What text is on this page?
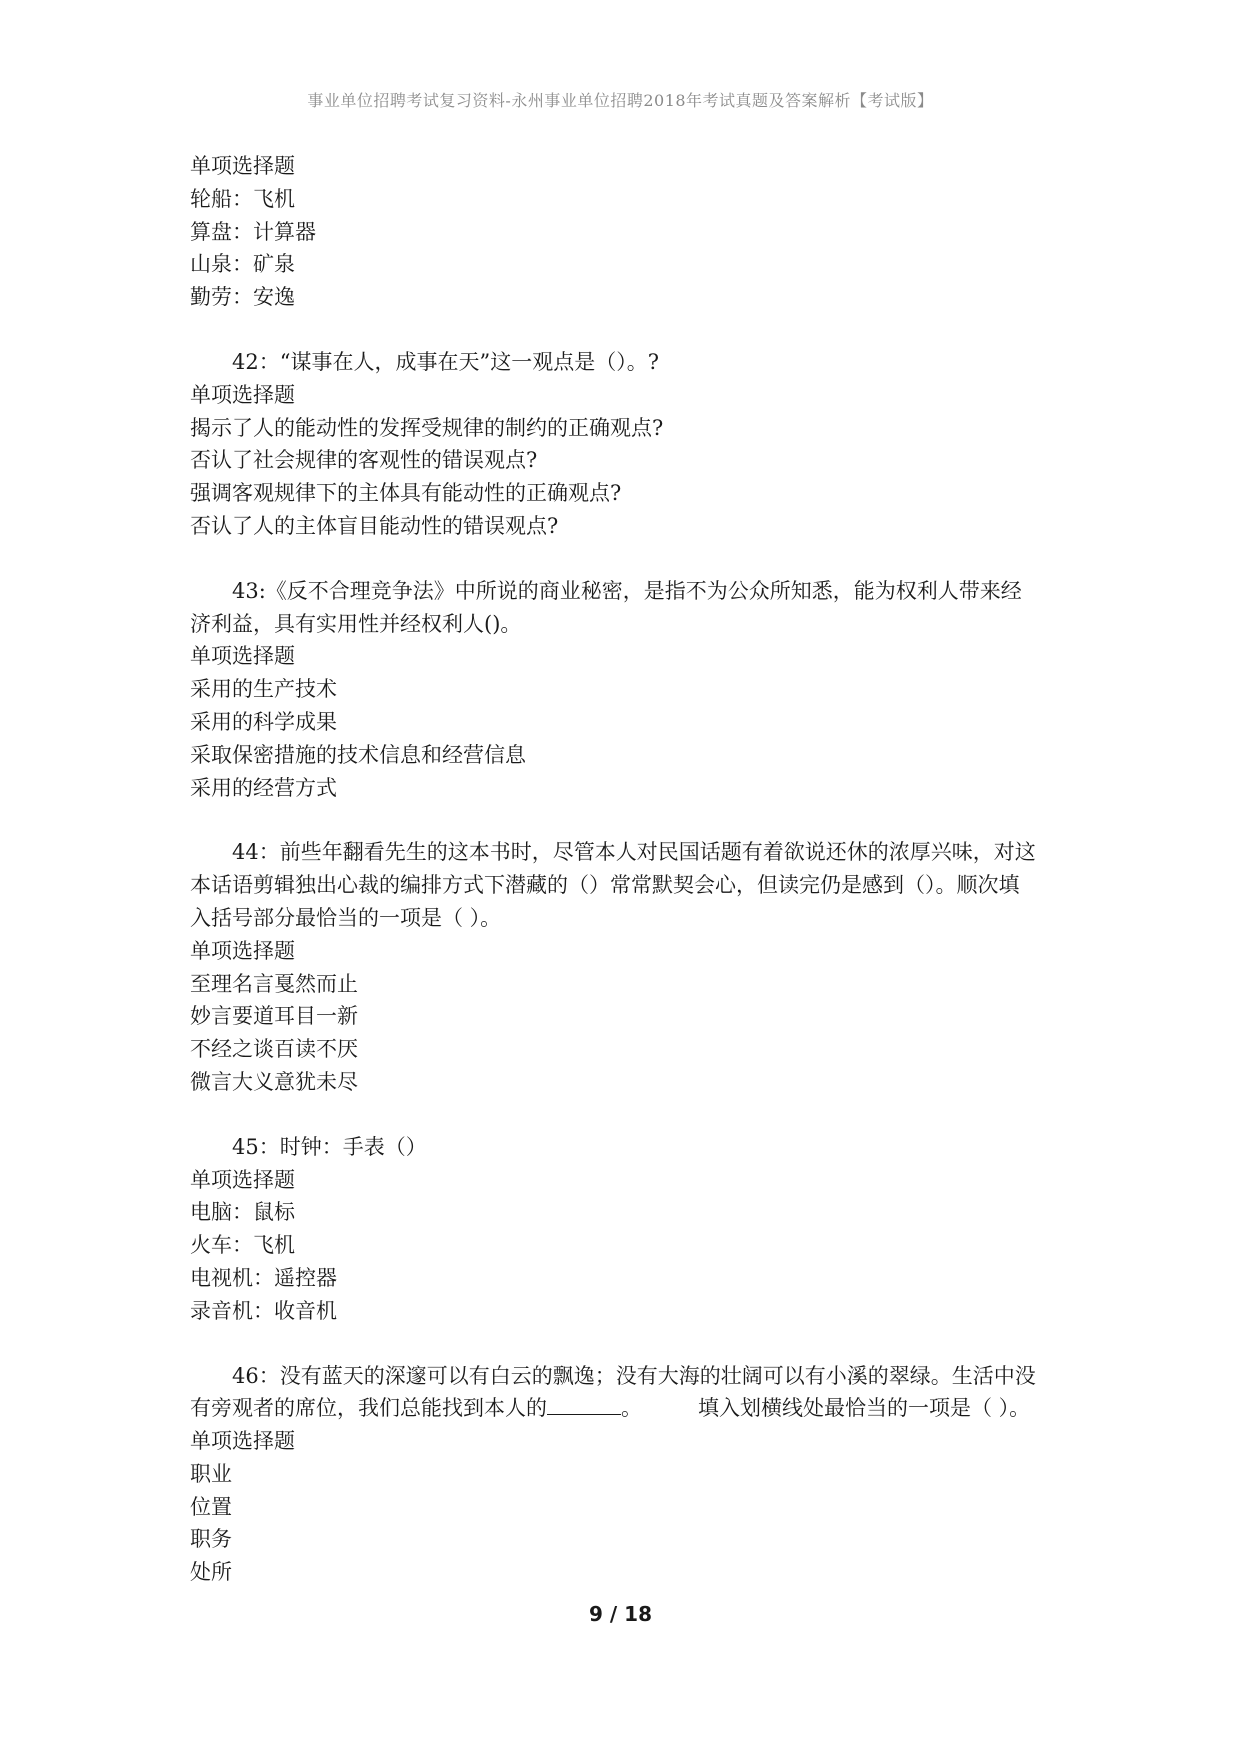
事业单位招聘考试复习资料-永州事业单位招聘2018年考试真题及答案解析【考试版】

单项选择题

轮船：飞机

算盘：计算器

山泉：矿泉

勤劳：安逸

42：“谋事在人，成事在天”这一观点是（）。?

单项选择题

揭示了人的能动性的发挥受规律的制约的正确观点?

否认了社会规律的客观性的错误观点?

强调客观规律下的主体具有能动性的正确观点?

否认了人的主体盲目能动性的错误观点?

43:《反不合理竞争法》中所说的商业秘密，是指不为公众所知悉，能为权利人带来经

济利益，具有实用性并经权利人()。

单项选择题

采用的生产技术

采用的科学成果

采取保密措施的技术信息和经营信息

采用的经营方式

44：前些年翻看先生的这本书时，尽管本人对民国话题有着欲说还休的浓厚兴味，对这

本话语剪辑独出心裁的编排方式下潜藏的（）常常默契会心，但读完仍是感到（）。顺次填

入括号部分最恰当的一项是（ ）。

单项选择题

至理名言戛然而止

妙言要道耳目一新

不经之谈百读不厌

微言大义意犹未尽

45：时钟：手表（）

单项选择题

电脑：鼠标

火车：飞机

电视机：遥控器

录音机：收音机

46：没有蓝天的深邃可以有白云的飘逸；没有大海的壮阔可以有小溪的翠绿。生活中没

有旁观者的席位，我们总能找到本人的	。	填入划横线处最恰当的一项是（ ）。

单项选择题

职业

位置

职务

处所

9 / 18
